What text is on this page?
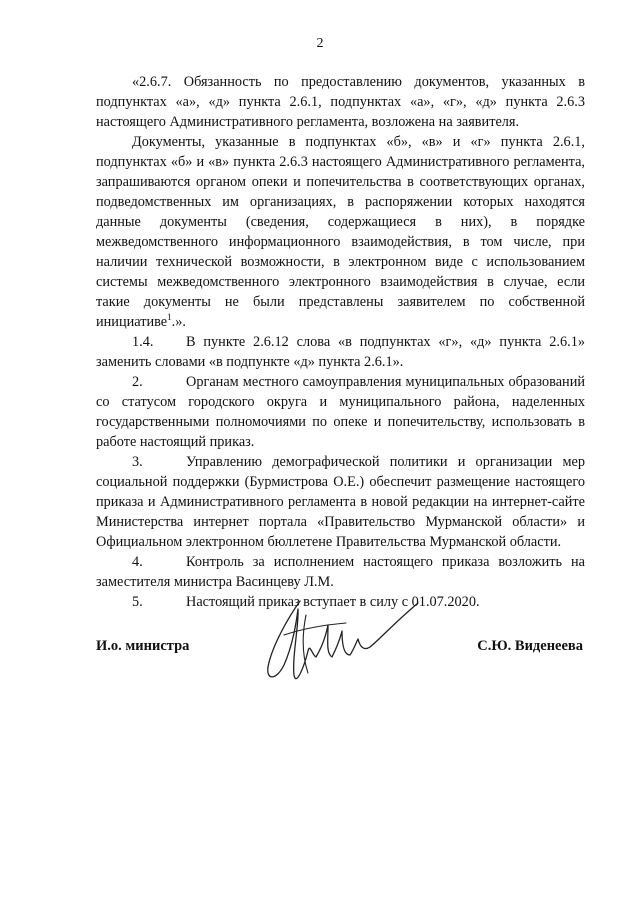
2

«2.6.7. Обязанность по предоставлению документов, указанных в подпунктах «а», «д» пункта 2.6.1, подпунктах «а», «г», «д» пункта 2.6.3 настоящего Административного регламента, возложена на заявителя.

Документы, указанные в подпунктах «б», «в» и «г» пункта 2.6.1, подпунктах «б» и «в» пункта 2.6.3 настоящего Административного регламента, запрашиваются органом опеки и попечительства в соответствующих органах, подведомственных им организациях, в распоряжении которых находятся данные документы (сведения, содержащиеся в них), в порядке межведомственного информационного взаимодействия, в том числе, при наличии технической возможности, в электронном виде с использованием системы межведомственного электронного взаимодействия в случае, если такие документы не были представлены заявителем по собственной инициативе$^1$.».

1.4. В пункте 2.6.12 слова «в подпунктах «г», «д» пункта 2.6.1» заменить словами «в подпункте «д» пункта 2.6.1».

2.	Органам местного самоуправления муниципальных образований со статусом городского округа и муниципального района, наделенных государственными полномочиями по опеке и попечительству, использовать в работе настоящий приказ.

3.	Управлению демографической политики и организации мер социальной поддержки (Бурмистрова О.Е.) обеспечит размещение настоящего приказа и Административного регламента в новой редакции на интернет-сайте Министерства интернет портала «Правительство Мурманской области» и Официальном электронном бюллетене Правительства Мурманской области.

4.	Контроль за исполнением настоящего приказа возложить на заместителя министра Васинцеву Л.М.

5.	Настоящий приказ вступает в силу с 01.07.2020.

И.о. министра	С.Ю. Виденеева
